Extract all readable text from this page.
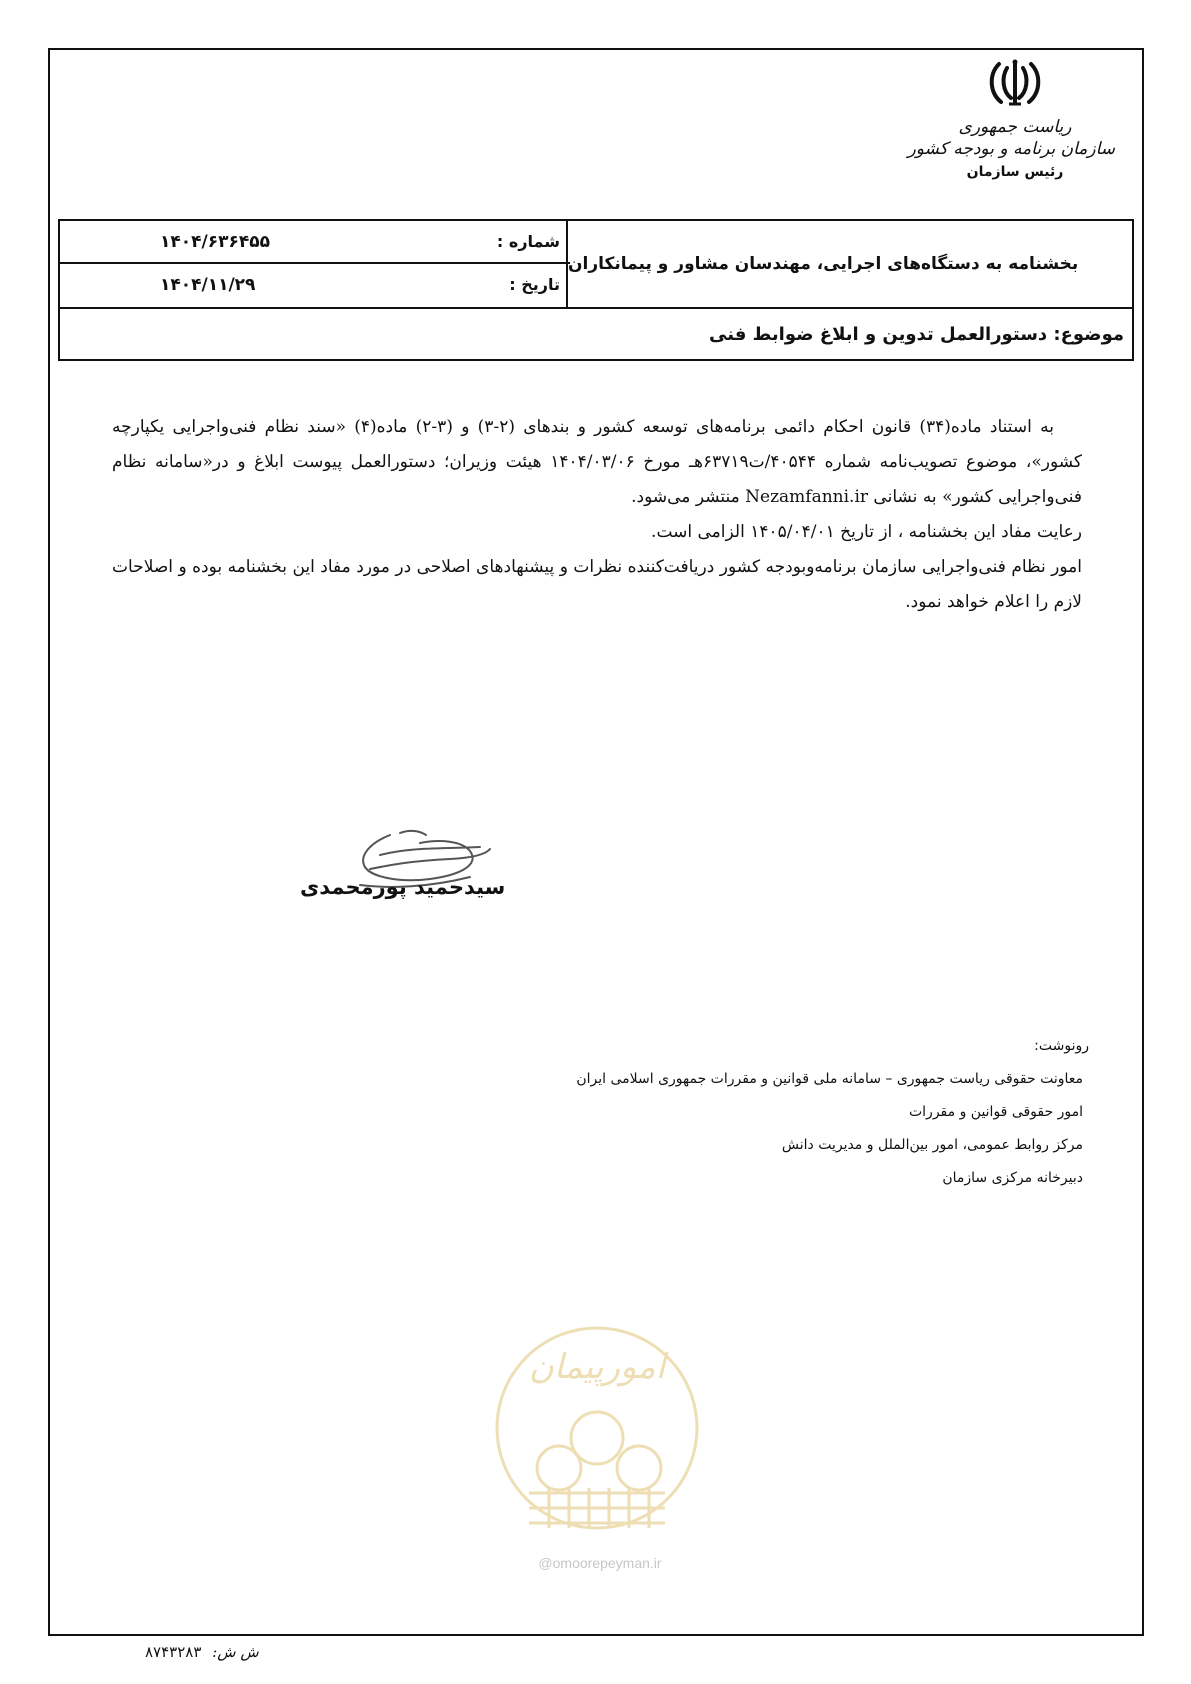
ریاست جمهوری
سازمان برنامه و بودجه کشور
رئیس سازمان
بخشنامه به دستگاه‌های اجرایی، مهندسان مشاور و پیمانکاران
شماره :
۱۴۰۴/۶۳۶۴۵۵
تاریخ :
۱۴۰۴/۱۱/۲۹
موضوع: دستورالعمل تدوین و ابلاغ ضوابط فنی

به استناد ماده(۳۴) قانون احکام دائمی برنامه‌های توسعه کشور و بندهای (۲-۳) و (۳-۲) ماده(۴) «سند نظام فنی‌واجرایی یکپارچه کشور»، موضوع تصویب‌نامه شماره ۴۰۵۴۴/ت۶۳۷۱۹هـ مورخ ۱۴۰۴/۰۳/۰۶ هیئت وزیران؛ دستورالعمل پیوست ابلاغ و در«سامانه نظام فنی‌واجرایی کشور» به نشانی Nezamfanni.ir منتشر می‌شود.

رعایت مفاد این بخشنامه ، از تاریخ ۱۴۰۵/۰۴/۰۱ الزامی است.

امور نظام فنی‌واجرایی سازمان برنامه‌وبودجه کشور دریافت‌کننده نظرات و پیشنهادهای اصلاحی در مورد مفاد این بخشنامه بوده و اصلاحات لازم را اعلام خواهد نمود.

سیدحمید پورمحمدی
رونوشت:
معاونت حقوقی ریاست جمهوری – سامانه ملی قوانین و مقررات جمهوری اسلامی ایران
امور حقوقی قوانین و مقررات
مرکز روابط عمومی، امور بین‌الملل و مدیریت دانش
دبیرخانه مرکزی سازمان
امورپیمان
@omoorepeyman.ir
ش ش: ۸۷۴۳۲۸۳
